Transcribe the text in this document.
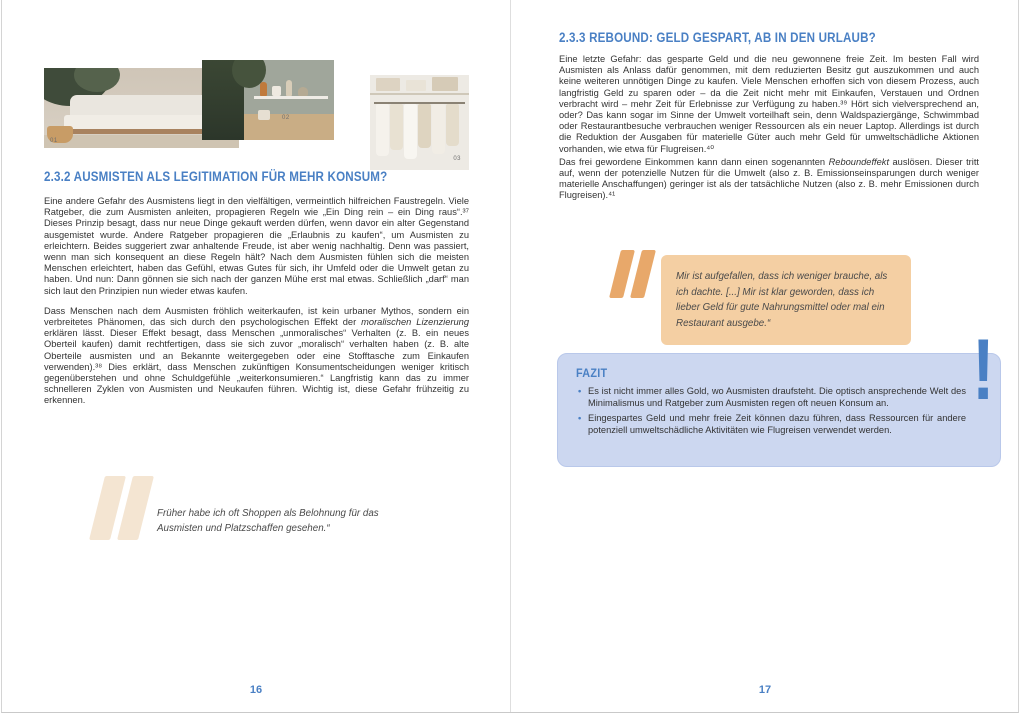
01
02
03
2.3.2 AUSMISTEN ALS LEGITIMATION FÜR MEHR KONSUM?

Eine andere Gefahr des Ausmistens liegt in den vielfältigen, vermeintlich hilfreichen Faustregeln. Viele Ratgeber, die zum Ausmisten anleiten, propagieren Regeln wie „Ein Ding rein – ein Ding raus“.³⁷ Dieses Prinzip besagt, dass nur neue Dinge gekauft werden dürfen, wenn davor ein alter Gegenstand ausgemistet wurde. Andere Ratgeber propagieren die „Erlaubnis zu kaufen“, um Ausmisten zu erleichtern. Beides suggeriert zwar anhaltende Freude, ist aber wenig nachhaltig. Denn was passiert, wenn man sich konsequent an diese Regeln hält? Nach dem Ausmisten fühlen sich die meisten Menschen erleichtert, haben das Gefühl, etwas Gutes für sich, ihr Umfeld oder die Umwelt getan zu haben. Und nun: Dann gönnen sie sich nach der ganzen Mühe erst mal etwas. Schließlich „darf“ man sich laut den Prinzipien nun wieder etwas kaufen.

Dass Menschen nach dem Ausmisten fröhlich weiterkaufen, ist kein urbaner Mythos, sondern ein verbreitetes Phänomen, das sich durch den psychologischen Effekt der moralischen Lizenzierung erklären lässt. Dieser Effekt besagt, dass Menschen „unmoralisches“ Verhalten (z. B. ein neues Oberteil kaufen) damit rechtfertigen, dass sie sich zuvor „moralisch“ verhalten haben (z. B. alte Oberteile ausmisten und an Bekannte weitergegeben oder eine Stofftasche zum Einkaufen verwenden).³⁸ Dies erklärt, dass Menschen zukünftigen Konsumentscheidungen weniger kritisch gegenüberstehen und ohne Schuldgefühle „weiterkonsumieren.“ Langfristig kann das zu immer schnelleren Zyklen von Ausmisten und Neukaufen führen. Wichtig ist, diese Gefahr frühzeitig zu erkennen.

Früher habe ich oft Shoppen als Belohnung für das Ausmisten und Platzschaffen gesehen.“

16
2.3.3 REBOUND: GELD GESPART, AB IN DEN URLAUB?

Eine letzte Gefahr: das gesparte Geld und die neu gewonnene freie Zeit. Im besten Fall wird Ausmisten als Anlass dafür genommen, mit dem reduzierten Besitz gut auszukommen und auch keine weiteren unnötigen Dinge zu kaufen. Viele Menschen erhoffen sich von diesem Prozess, auch langfristig Geld zu sparen oder – da die Zeit nicht mehr mit Einkaufen, Verstauen und Ordnen verbracht wird – mehr Zeit für Erlebnisse zur Verfügung zu haben.³⁹ Hört sich vielversprechend an, oder? Das kann sogar im Sinne der Umwelt vorteilhaft sein, denn Waldspaziergänge, Schwimmbad oder Restaurantbesuche verbrauchen weniger Ressourcen als ein neuer Laptop. Allerdings ist durch die Reduktion der Ausgaben für materielle Güter auch mehr Geld für umweltschädliche Aktionen vorhanden, wie etwa für Flugreisen.⁴⁰

Das frei gewordene Einkommen kann dann einen sogenannten Reboundeffekt auslösen. Dieser tritt auf, wenn der potenzielle Nutzen für die Umwelt (also z. B. Emissionseinsparungen durch weniger materielle Anschaffungen) geringer ist als der tatsächliche Nutzen (also z. B. mehr Emissionen durch Flugreisen).⁴¹

Mir ist aufgefallen, dass ich weniger brauche, als ich dachte. [...] Mir ist klar geworden, dass ich lieber Geld für gute Nahrungsmittel oder mal ein Restaurant ausgebe.“

FAZIT
• Es ist nicht immer alles Gold, wo Ausmisten draufsteht. Die optisch ansprechende Welt des Minimalismus und Ratgeber zum Ausmisten regen oft neuen Konsum an.
• Eingespartes Geld und mehr freie Zeit können dazu führen, dass Ressourcen für andere potenziell umweltschädliche Aktivitäten wie Flugreisen verwendet werden.
!
17
